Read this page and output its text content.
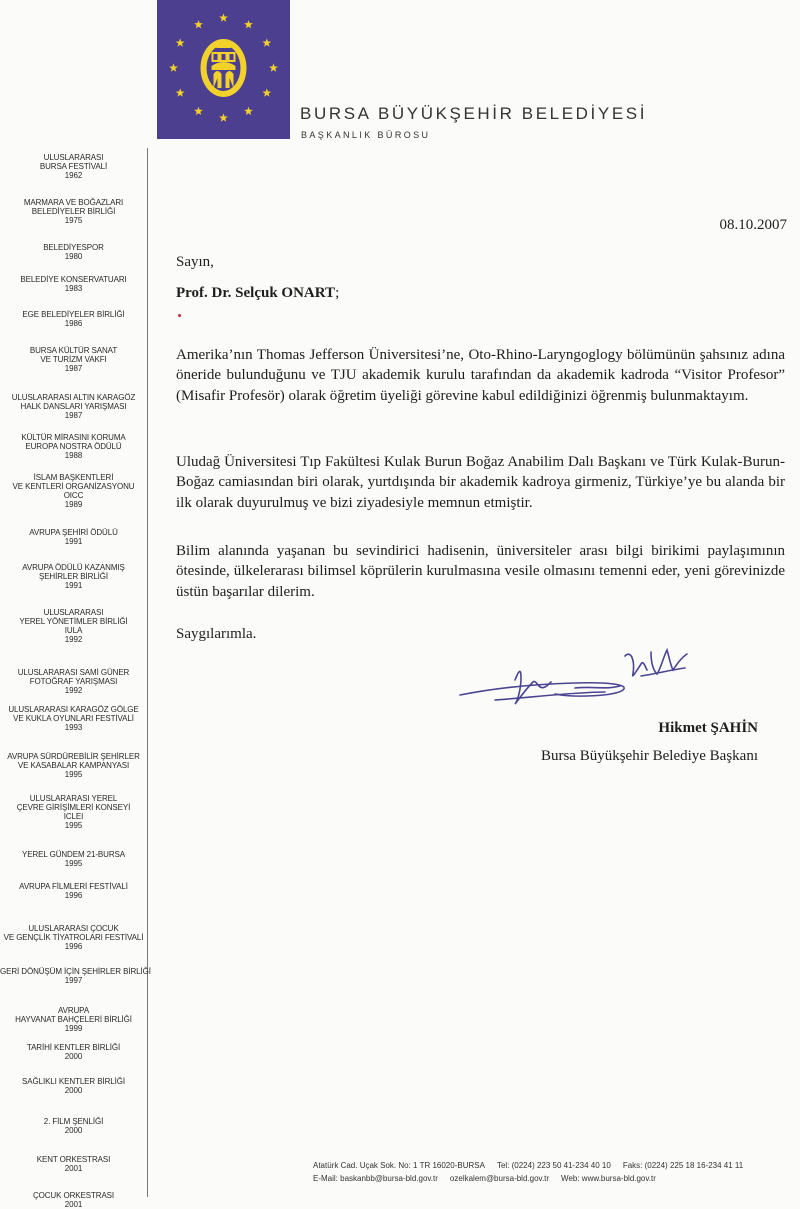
BURSA BÜYÜKŞEHİR BELEDİYESİ
BAŞKANLIK BÜROSU
ULUSLARARASI
BURSA FESTİVALİ
1962
MARMARA VE BOĞAZLARI
BELEDİYELER BİRLİĞİ
1975
BELEDİYESPOR
1980
BELEDİYE KONSERVATUARI
1983
EGE BELEDİYELER BİRLİĞİ
1986
BURSA KÜLTÜR SANAT
VE TURİZM VAKFI
1987
ULUSLARARASI ALTIN KARAGÖZ
HALK DANSLARI YARIŞMASI
1987
KÜLTÜR MİRASINI KORUMA
EUROPA NOSTRA ÖDÜLÜ
1988
İSLAM BAŞKENTLERİ
VE KENTLERİ ORGANİZASYONU
OICC
1989
AVRUPA ŞEHİRİ ÖDÜLÜ
1991
AVRUPA ÖDÜLÜ KAZANMIŞ
ŞEHİRLER BİRLİĞİ
1991
ULUSLARARASI
YEREL YÖNETİMLER BİRLİĞİ
IULA
1992
ULUSLARARASI SAMİ GÜNER
FOTOĞRAF YARIŞMASI
1992
ULUSLARARASI KARAGÖZ GÖLGE
VE KUKLA OYUNLARI FESTİVALİ
1993
AVRUPA SÜRDÜREBİLİR ŞEHİRLER
VE KASABALAR KAMPANYASI
1995
ULUSLARARASI YEREL
ÇEVRE GİRİŞİMLERİ KONSEYİ
ICLEI
1995
YEREL GÜNDEM 21-BURSA
1995
AVRUPA FİLMLERİ FESTİVALİ
1996
ULUSLARARASI ÇOCUK
VE GENÇLİK TİYATROLARI FESTİVALİ
1996
GERİ DÖNÜŞÜM İÇİN ŞEHİRLER BİRLİĞİ
1997
AVRUPA
HAYVANAT BAHÇELERİ BİRLİĞİ
1999
TARİHİ KENTLER BİRLİĞİ
2000
SAĞLIKLI KENTLER BİRLİĞİ
2000
2. FİLM ŞENLİĞİ
2000
KENT ORKESTRASI
2001
ÇOCUK ORKESTRASI
2001
08.10.2007
Sayın,
Prof. Dr. Selçuk ONART;

Amerika’nın Thomas Jefferson Üniversitesi’ne, Oto-Rhino-Laryngoglogy bölümünün şahsınız adına öneride bulunduğunu ve TJU akademik kurulu tarafından da akademik kadroda “Visitor Profesor” (Misafir Profesör) olarak öğretim üyeliği görevine kabul edildiğinizi öğrenmiş bulunmaktayım.

Uludağ Üniversitesi Tıp Fakültesi Kulak Burun Boğaz Anabilim Dalı Başkanı ve Türk Kulak-Burun-Boğaz camiasından biri olarak, yurtdışında bir akademik kadroya girmeniz, Türkiye’ye bu alanda bir ilk olarak duyurulmuş ve bizi ziyadesiyle memnun etmiştir.

Bilim alanında yaşanan bu sevindirici hadisenin, üniversiteler arası bilgi birikimi paylaşımının ötesinde, ülkelerarası bilimsel köprülerin kurulmasına vesile olmasını temenni eder, yeni görevinizde üstün başarılar dilerim.

Saygılarımla.
Hikmet ŞAHİN
Bursa Büyükşehir Belediye Başkanı
Atatürk Cad. Uçak Sok. No: 1 TR 16020-BURSA Tel: (0224) 223 50 41-234 40 10 Faks: (0224) 225 18 16-234 41 11
E-Mail: baskanbb@bursa-bld.gov.tr ozelkalem@bursa-bld.gov.tr Web: www.bursa-bld.gov.tr
